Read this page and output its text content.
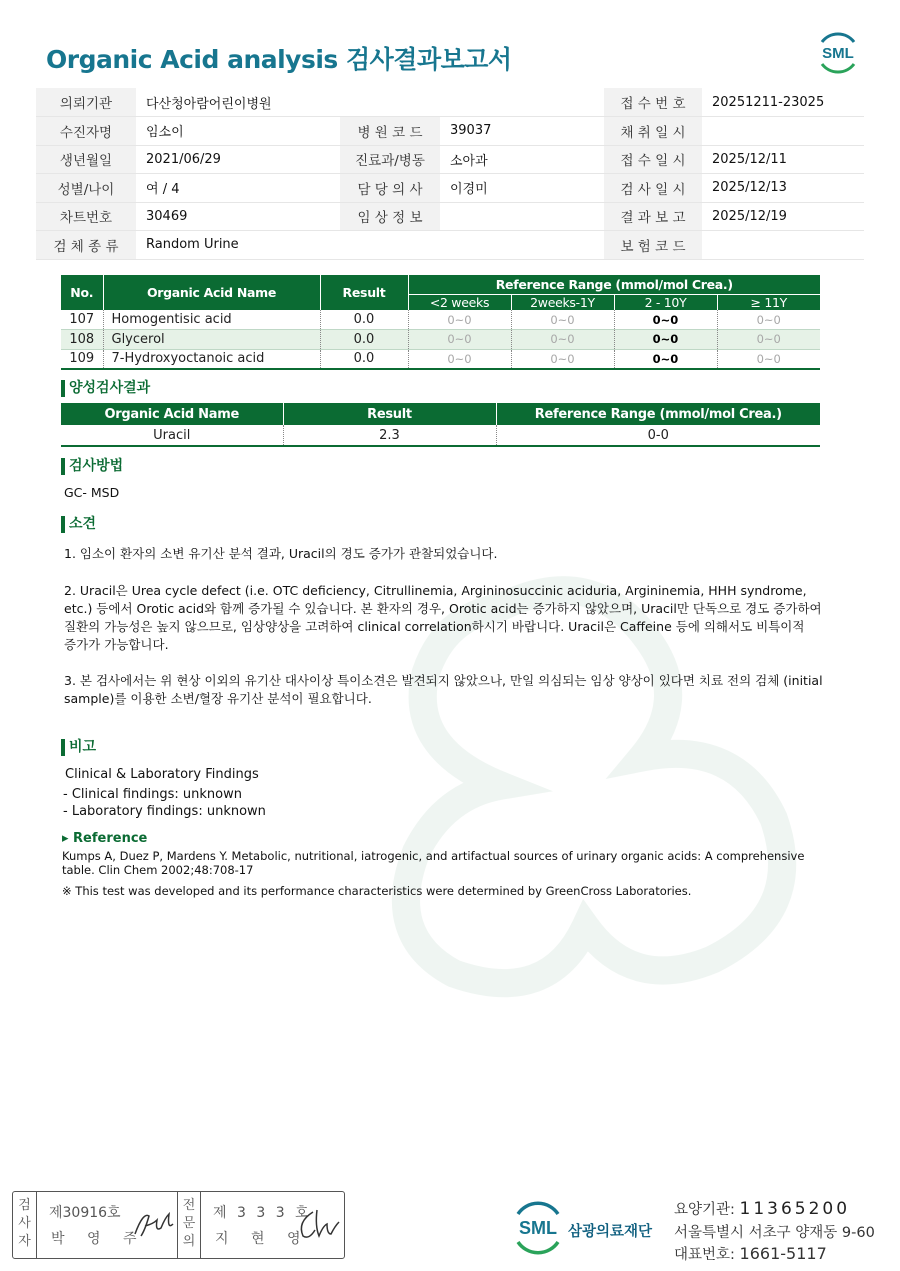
Organic Acid analysis 검사결과보고서	SML
의뢰기관	다산청아람어린이병원			접 수 번 호	20251211-23025
수진자명	임소이	병 원 코 드	39037	채 취 일 시	
생년월일	2021/06/29	진료과/병동	소아과	접 수 일 시	2025/12/11
성별/나이	여 / 4	담 당 의 사	이경미	검 사 일 시	2025/12/13
차트번호	30469	임 상 정 보		결 과 보 고	2025/12/19
검 체 종 류	Random Urine			보 험 코 드	
No.	Organic Acid Name	Result	Reference Range (mmol/mol Crea.)			
			<2 weeks	2weeks-1Y	2 - 10Y	≥ 11Y
107	Homogentisic acid	0.0	0~0	0~0	0~0	0~0
108	Glycerol	0.0	0~0	0~0	0~0	0~0
109	7-Hydroxyoctanoic acid	0.0	0~0	0~0	0~0	0~0
양성검사결과
Organic Acid Name	Result	Reference Range (mmol/mol Crea.)
Uracil	2.3	0-0
검사방법
GC- MSD
소견
1. 임소이 환자의 소변 유기산 분석 결과, Uracil의 경도 증가가 관찰되었습니다.
2. Uracil은 Urea cycle defect (i.e. OTC deficiency, Citrullinemia, Argininosuccinic aciduria, Argininemia, HHH syndrome,
etc.) 등에서 Orotic acid와 함께 증가될 수 있습니다. 본 환자의 경우, Orotic acid는 증가하지 않았으며, Uracil만 단독으로 경도 증가하여
질환의 가능성은 높지 않으므로, 임상양상을 고려하여 clinical correlation하시기 바랍니다. Uracil은 Caffeine 등에 의해서도 비특이적
증가가 가능합니다.
3. 본 검사에서는 위 현상 이외의 유기산 대사이상 특이소견은 발견되지 않았으나, 만일 의심되는 임상 양상이 있다면 치료 전의 검체 (initial
sample)를 이용한 소변/혈장 유기산 분석이 필요합니다.
비고
Clinical & Laboratory Findings
- Clinical findings: unknown
- Laboratory findings: unknown
▸ Reference
Kumps A, Duez P, Mardens Y. Metabolic, nutritional, iatrogenic, and artifactual sources of urinary organic acids: A comprehensive
table. Clin Chem 2002;48:708-17
※ This test was developed and its performance characteristics were determined by GreenCross Laboratories.
검
사
자
제30916호
박 영 주
전
문
의
제 3 3 3 호
지 현 영
SML 삼광의료재단
요양기관: 11365200
서울특별시 서초구 양재동 9-60
대표번호: 1661-5117
